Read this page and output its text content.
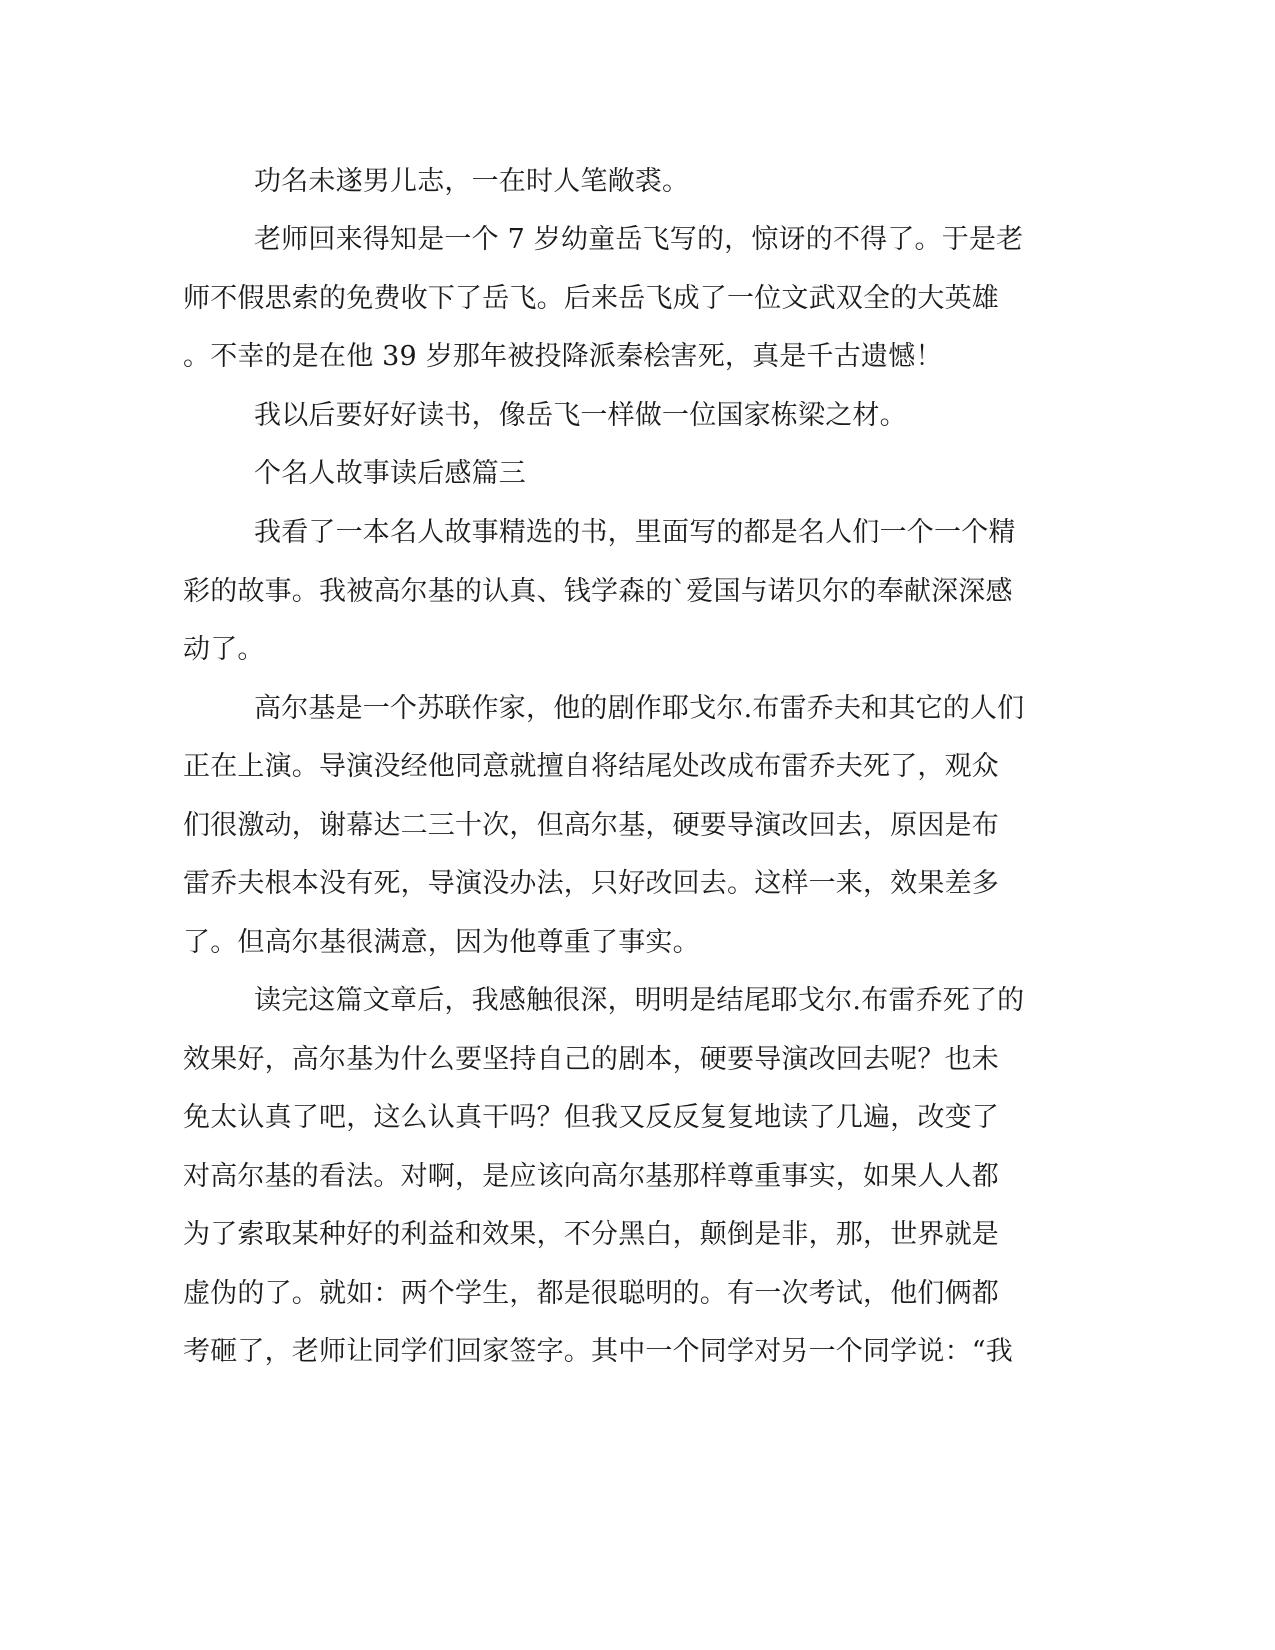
功名未遂男儿志，一在时人笔敞裘。
老师回来得知是一个 7 岁幼童岳飞写的，惊讶的不得了。于是老
师不假思索的免费收下了岳飞。后来岳飞成了一位文武双全的大英雄
。不幸的是在他 39 岁那年被投降派秦桧害死，真是千古遗憾！
我以后要好好读书，像岳飞一样做一位国家栋梁之材。
个名人故事读后感篇三
我看了一本名人故事精选的书，里面写的都是名人们一个一个精
彩的故事。我被高尔基的认真、钱学森的`爱国与诺贝尔的奉献深深感
动了。
高尔基是一个苏联作家，他的剧作耶戈尔.布雷乔夫和其它的人们
正在上演。导演没经他同意就擅自将结尾处改成布雷乔夫死了，观众
们很激动，谢幕达二三十次，但高尔基，硬要导演改回去，原因是布
雷乔夫根本没有死，导演没办法，只好改回去。这样一来，效果差多
了。但高尔基很满意，因为他尊重了事实。
读完这篇文章后，我感触很深，明明是结尾耶戈尔.布雷乔死了的
效果好，高尔基为什么要坚持自己的剧本，硬要导演改回去呢？也未
免太认真了吧，这么认真干吗？但我又反反复复地读了几遍，改变了
对高尔基的看法。对啊，是应该向高尔基那样尊重事实，如果人人都
为了索取某种好的利益和效果，不分黑白，颠倒是非，那，世界就是
虚伪的了。就如：两个学生，都是很聪明的。有一次考试，他们俩都
考砸了，老师让同学们回家签字。其中一个同学对另一个同学说：“我
